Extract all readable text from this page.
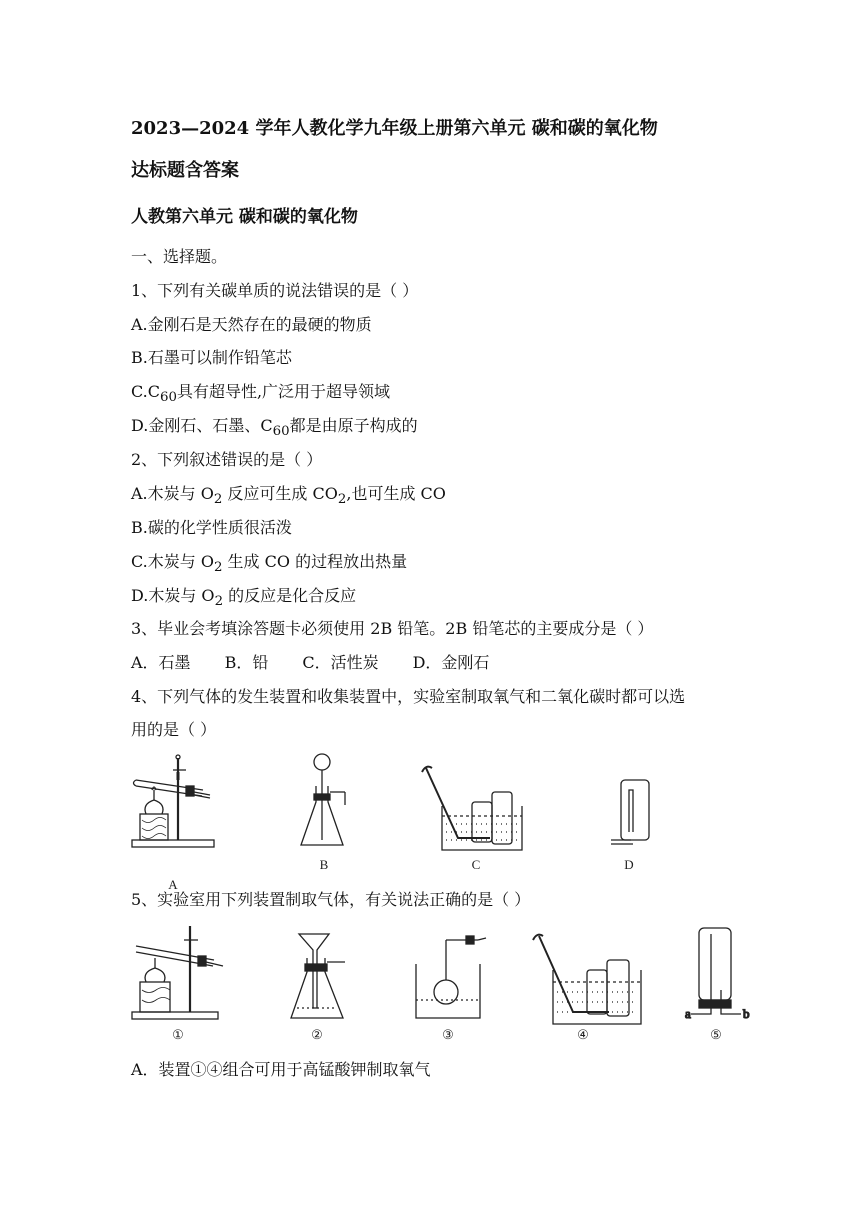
2023—2024 学年人教化学九年级上册第六单元 碳和碳的氧化物
达标题含答案
人教第六单元 碳和碳的氧化物
一、选择题。
1、下列有关碳单质的说法错误的是（ ）
A.金刚石是天然存在的最硬的物质
B.石墨可以制作铅笔芯
$C.C_{60}$具有超导性,广泛用于超导领域
D.金刚石、石墨、$C_{60}$都是由原子构成的
2、下列叙述错误的是（ ）
A.木炭与 $O_2$ 反应可生成 $CO_2$,也可生成 CO
B.碳的化学性质很活泼
C.木炭与 $O_2$ 生成 CO 的过程放出热量
D.木炭与 $O_2$ 的反应是化合反应
3、毕业会考填涂答题卡必须使用 2B 铅笔。2B 铅笔芯的主要成分是（ ）
A．石墨 B．铅 C．活性炭 D．金刚石
4、下列气体的发生装置和收集装置中，实验室制取氧气和二氧化碳时都可以选
用的是（ ）
A
B	C	D
5、实验室用下列装置制取气体，有关说法正确的是（ ）
①	②	③	④
a	b
⑤
A．装置①④组合可用于高锰酸钾制取氧气
